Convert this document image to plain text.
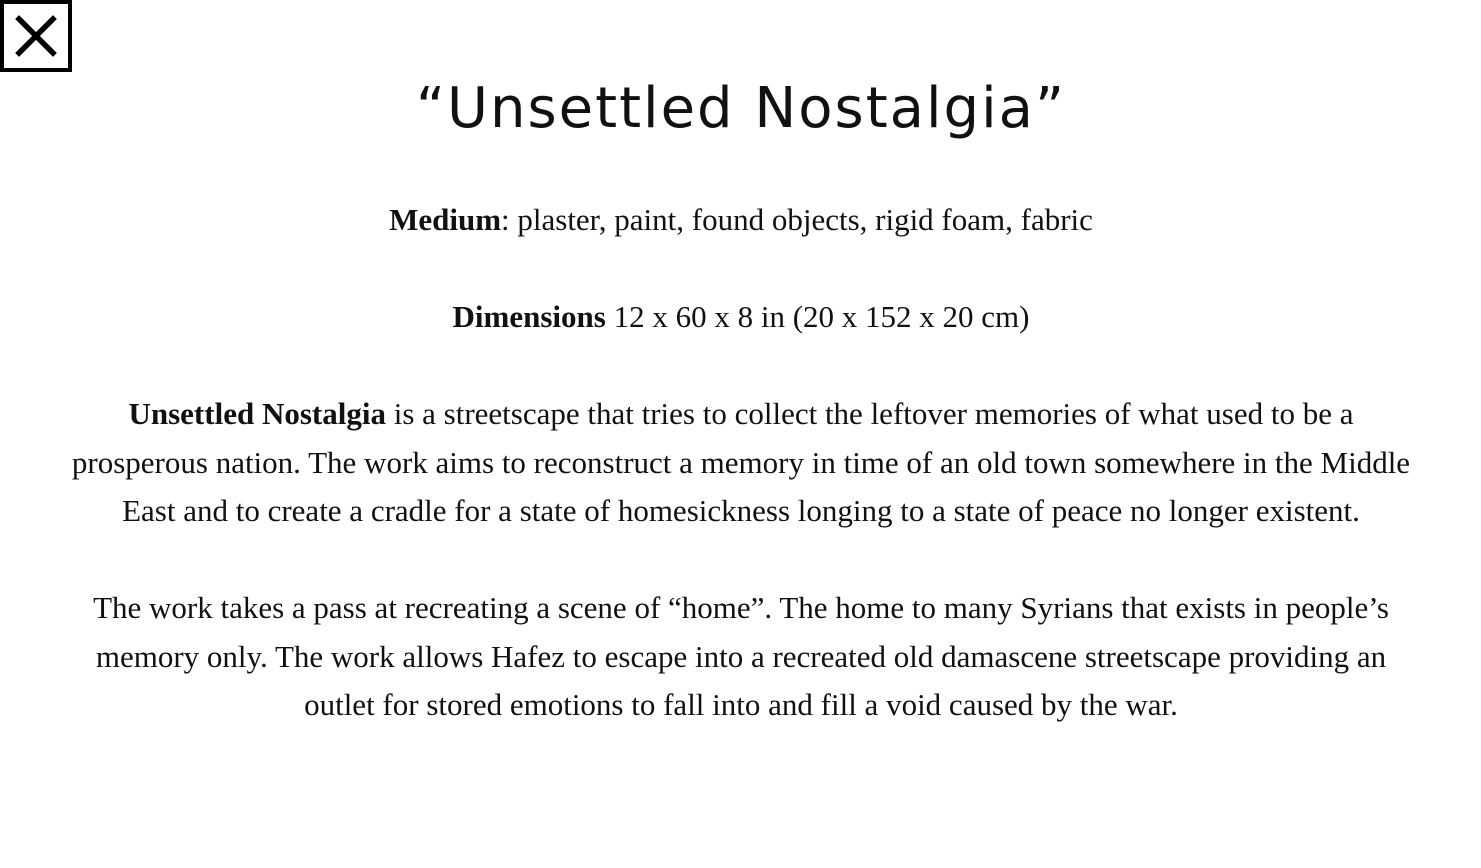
“Unsettled Nostalgia”

Medium: plaster, paint, found objects, rigid foam, fabric

Dimensions 12 x 60 x 8 in (20 x 152 x 20 cm)

Unsettled Nostalgia is a streetscape that tries to collect the leftover memories of what used to be a prosperous nation. The work aims to reconstruct a memory in time of an old town somewhere in the Middle East and to create a cradle for a state of homesickness longing to a state of peace no longer existent.

The work takes a pass at recreating a scene of “home”. The home to many Syrians that exists in people’s memory only. The work allows Hafez to escape into a recreated old damascene streetscape providing an outlet for stored emotions to fall into and fill a void caused by the war.
